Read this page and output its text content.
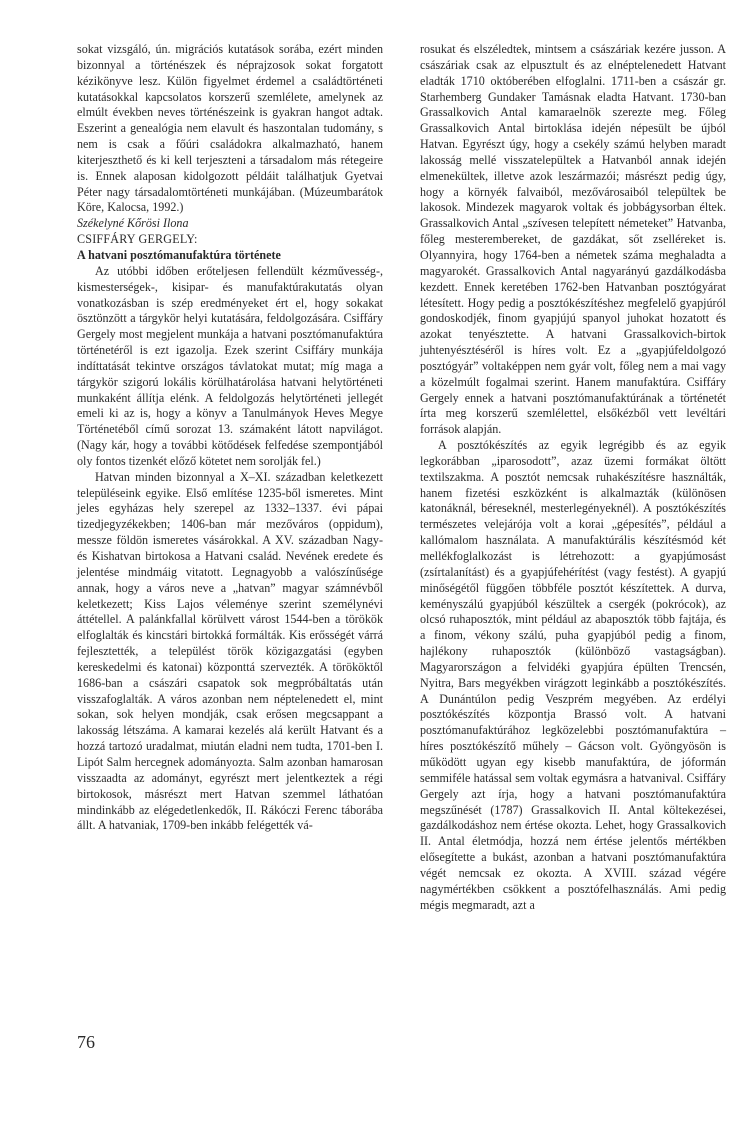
sokat vizsgáló, ún. migrációs kutatások sorába, ezért minden bizonnyal a történészek és néprajzosok sokat forgatott kézikönyve lesz. Külön figyelmet érdemel a családtörténeti kutatásokkal kapcsolatos korszerű szemlélete, amelynek az elmúlt években neves történészeink is gyakran hangot adtak. Eszerint a genealógia nem elavult és haszontalan tudomány, s nem is csak a főúri családokra alkalmazható, hanem kiterjeszthető és ki kell terjeszteni a társadalom más rétegeire is. Ennek alaposan kidolgozott példáit találhatjuk Gyetvai Péter nagy társadalomtörténeti munkájában. (Múzeumbarátok Köre, Kalocsa, 1992.)

Székelyné Kőrösi Ilona

CSIFFÁRY GERGELY:

A hatvani posztómanufaktúra története

Az utóbbi időben erőteljesen fellendült kézművesség-, kismesterségek-, kisipar- és manufaktúrakutatás olyan vonatkozásban is szép eredményeket ért el, hogy sokakat ösztönzött a tárgykör helyi kutatására, feldolgozására. Csiffáry Gergely most megjelent munkája a hatvani posztómanufaktúra történetéről is ezt igazolja. Ezek szerint Csiffáry munkája indíttatását tekintve országos távlatokat mutat; míg maga a tárgykör szigorú lokális körülhatárolása hatvani helytörténeti munkaként állítja elénk. A feldolgozás helytörténeti jellegét emeli ki az is, hogy a könyv a Tanulmányok Heves Megye Történetéből című sorozat 13. számaként látott napvilágot. (Nagy kár, hogy a további kötődések felfedése szempontjából oly fontos tizenkét előző kötetet nem sorolják fel.)

Hatvan minden bizonnyal a X–XI. században keletkezett településeink egyike. Első említése 1235-ből ismeretes. Mint jeles egyházas hely szerepel az 1332–1337. évi pápai tizedjegyzékekben; 1406-ban már mezőváros (oppidum), messze földön ismeretes vásárokkal. A XV. században Nagy- és Kishatvan birtokosa a Hatvani család. Nevének eredete és jelentése mindmáig vitatott. Legnagyobb a valószínűsége annak, hogy a város neve a „hatvan” magyar számnévből keletkezett; Kiss Lajos véleménye szerint személynévi áttétellel. A palánkfallal körülvett várost 1544-ben a törökök elfoglalták és kincstári birtokká formálták. Kis erősségét várrá fejlesztették, a települést török közigazgatási (egyben kereskedelmi és katonai) központtá szervezték. A törököktől 1686-ban a császári csapatok sok megpróbáltatás után visszafoglalták. A város azonban nem néptelenedett el, mint sokan, sok helyen mondják, csak erősen megcsappant a lakosság létszáma. A kamarai kezelés alá került Hatvant és a hozzá tartozó uradalmat, miután eladni nem tudta, 1701-ben I. Lipót Salm hercegnek adományozta. Salm azonban hamarosan visszaadta az adományt, egyrészt mert jelentkeztek a régi birtokosok, másrészt mert Hatvan szemmel láthatóan mindinkább az elégedetlenkedők, II. Rákóczi Ferenc táborába állt. A hatvaniak, 1709-ben inkább felégették vá-

rosukat és elszéledtek, mintsem a császáriak kezére jusson. A császáriak csak az elpusztult és az elnéptelenedett Hatvant eladták 1710 októberében elfoglalni. 1711-ben a császár gr. Starhemberg Gundaker Tamásnak eladta Hatvant. 1730-ban Grassalkovich Antal kamaraelnök szerezte meg. Főleg Grassalkovich Antal birtoklása idején népesült be újból Hatvan. Egyrészt úgy, hogy a csekély számú helyben maradt lakosság mellé visszatelepültek a Hatvanból annak idején elmenekültek, illetve azok leszármazói; másrészt pedig úgy, hogy a környék falvaiból, mezővárosaiból települtek be lakosok. Mindezek magyarok voltak és jobbágysorban éltek. Grassalkovich Antal „szívesen telepített németeket” Hatvanba, főleg mesterembereket, de gazdákat, sőt zselléreket is. Olyannyira, hogy 1764-ben a németek száma meghaladta a magyarokét. Grassalkovich Antal nagyarányú gazdálkodásba kezdett. Ennek keretében 1762-ben Hatvanban posztógyárat létesített. Hogy pedig a posztókészítéshez megfelelő gyapjúról gondoskodjék, finom gyapjújú spanyol juhokat hozatott és azokat tenyésztette. A hatvani Grassalkovich-birtok juhtenyésztéséről is híres volt. Ez a „gyapjúfeldolgozó posztógyár” voltaképpen nem gyár volt, főleg nem a mai vagy a közelmúlt fogalmai szerint. Hanem manufaktúra. Csiffáry Gergely ennek a hatvani posztómanufaktúrának a történetét írta meg korszerű szemlélettel, elsőkézből vett levéltári források alapján.

A posztókészítés az egyik legrégibb és az egyik legkorábban „iparosodott”, azaz üzemi formákat öltött textilszakma. A posztót nemcsak ruhakészítésre használták, hanem fizetési eszközként is alkalmazták (különösen katonáknál, béreseknél, mesterlegényeknél). A posztókészítés természetes velejárója volt a korai „gépesítés”, például a kallómalom használata. A manufaktúrális készítésmód két mellékfoglalkozást is létrehozott: a gyapjúmosást (zsírtalanítást) és a gyapjúfehérítést (vagy festést). A gyapjú minőségétől függően többféle posztót készítettek. A durva, keményszálú gyapjúból készültek a csergék (pokrócok), az olcsó ruhaposztók, mint például az abaposztók több fajtája, és a finom, vékony szálú, puha gyapjúból pedig a finom, hajlékony ruhaposztók (különböző vastagságban). Magyarországon a felvidéki gyapjúra épülten Trencsén, Nyitra, Bars megyékben virágzott leginkább a posztókészítés. A Dunántúlon pedig Veszprém megyében. Az erdélyi posztókészítés központja Brassó volt. A hatvani posztómanufaktúrához legközelebbi posztómanufaktúra – híres posztókészítő műhely – Gácson volt. Gyöngyösön is működött ugyan egy kisebb manufaktúra, de jóformán semmiféle hatással sem voltak egymásra a hatvanival. Csiffáry Gergely azt írja, hogy a hatvani posztómanufaktúra megszűnését (1787) Grassalkovich II. Antal költekezései, gazdálkodáshoz nem értése okozta. Lehet, hogy Grassalkovich II. Antal életmódja, hozzá nem értése jelentős mértékben elősegítette a bukást, azonban a hatvani posztómanufaktúra végét nemcsak ez okozta. A XVIII. század végére nagymértékben csökkent a posztófelhasználás. Ami pedig mégis megmaradt, azt a

76
